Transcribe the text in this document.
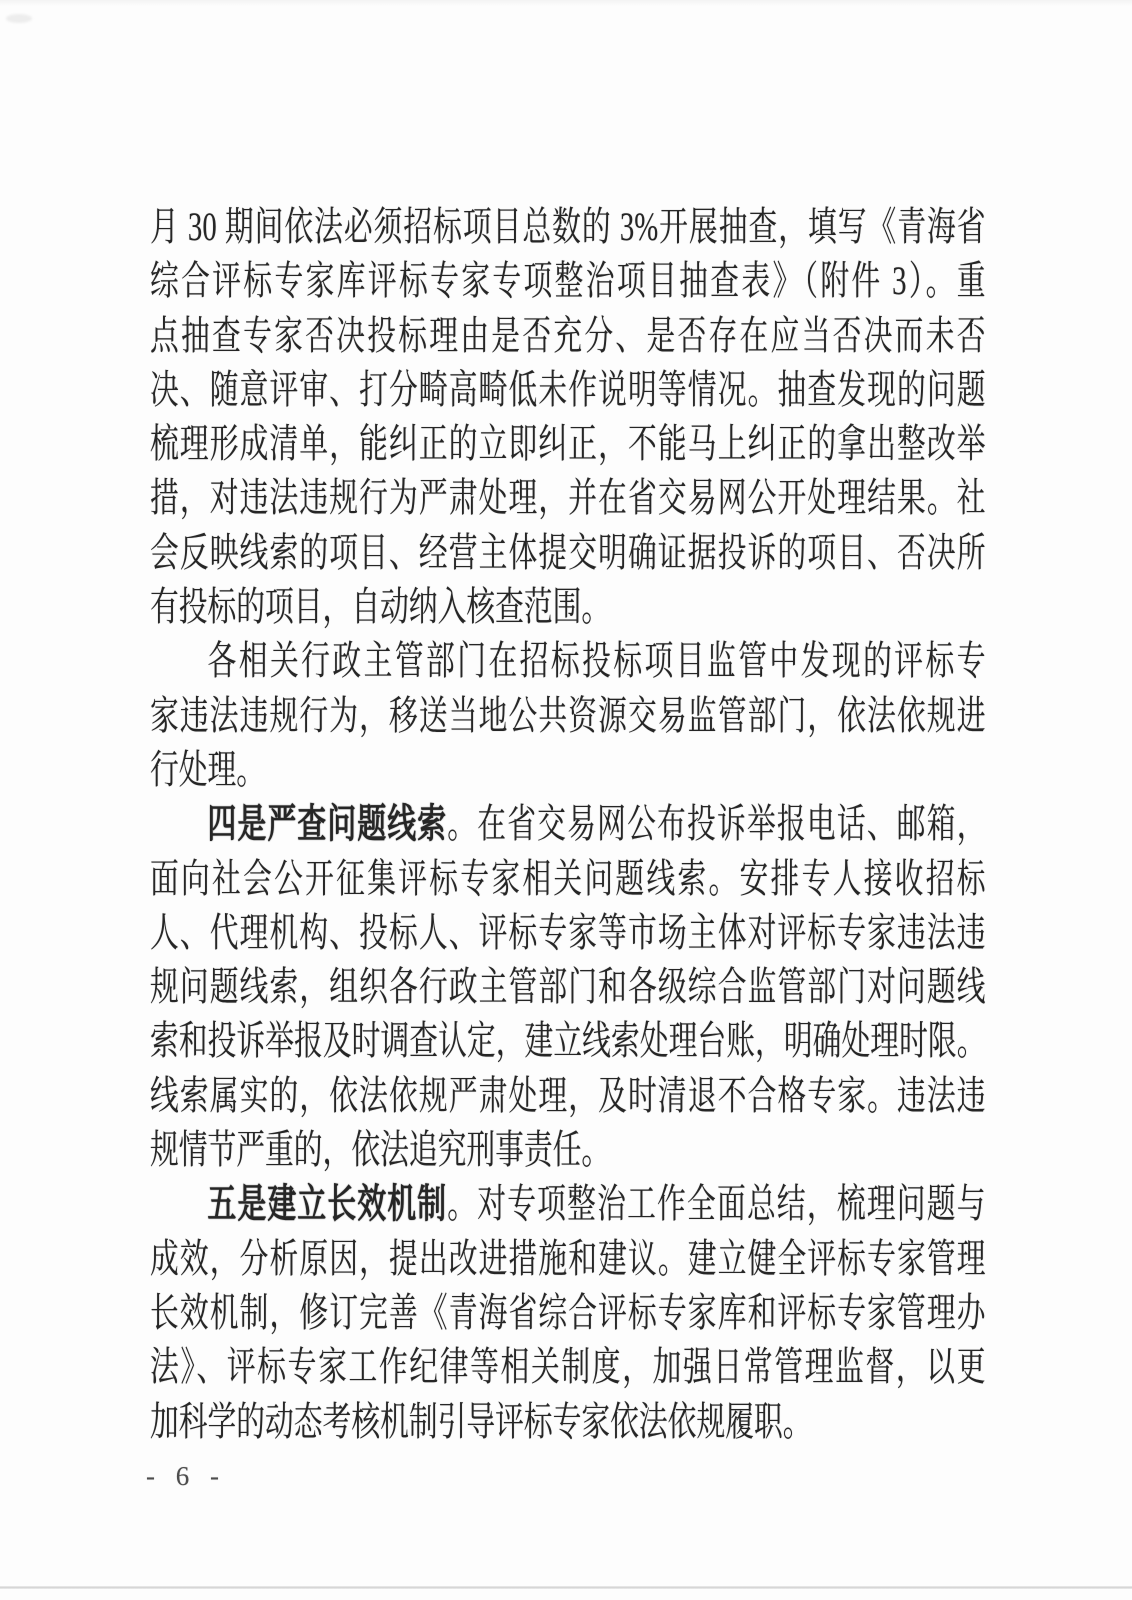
月 30 期间依法必须招标项目总数的 3%开展抽查，填写《青海省
综合评标专家库评标专家专项整治项目抽查表》（附件 3）。重
点抽查专家否决投标理由是否充分、是否存在应当否决而未否
决、随意评审、打分畸高畸低未作说明等情况。抽查发现的问题
梳理形成清单，能纠正的立即纠正，不能马上纠正的拿出整改举
措，对违法违规行为严肃处理，并在省交易网公开处理结果。社
会反映线索的项目、经营主体提交明确证据投诉的项目、否决所
有投标的项目，自动纳入核查范围。
各相关行政主管部门在招标投标项目监管中发现的评标专
家违法违规行为，移送当地公共资源交易监管部门，依法依规进
行处理。
四是严查问题线索。在省交易网公布投诉举报电话、邮箱，
面向社会公开征集评标专家相关问题线索。安排专人接收招标
人、代理机构、投标人、评标专家等市场主体对评标专家违法违
规问题线索，组织各行政主管部门和各级综合监管部门对问题线
索和投诉举报及时调查认定，建立线索处理台账，明确处理时限。
线索属实的，依法依规严肃处理，及时清退不合格专家。违法违
规情节严重的，依法追究刑事责任。
五是建立长效机制。对专项整治工作全面总结，梳理问题与
成效，分析原因，提出改进措施和建议。建立健全评标专家管理
长效机制，修订完善《青海省综合评标专家库和评标专家管理办
法》、评标专家工作纪律等相关制度，加强日常管理监督，以更
加科学的动态考核机制引导评标专家依法依规履职。
- 6 -
